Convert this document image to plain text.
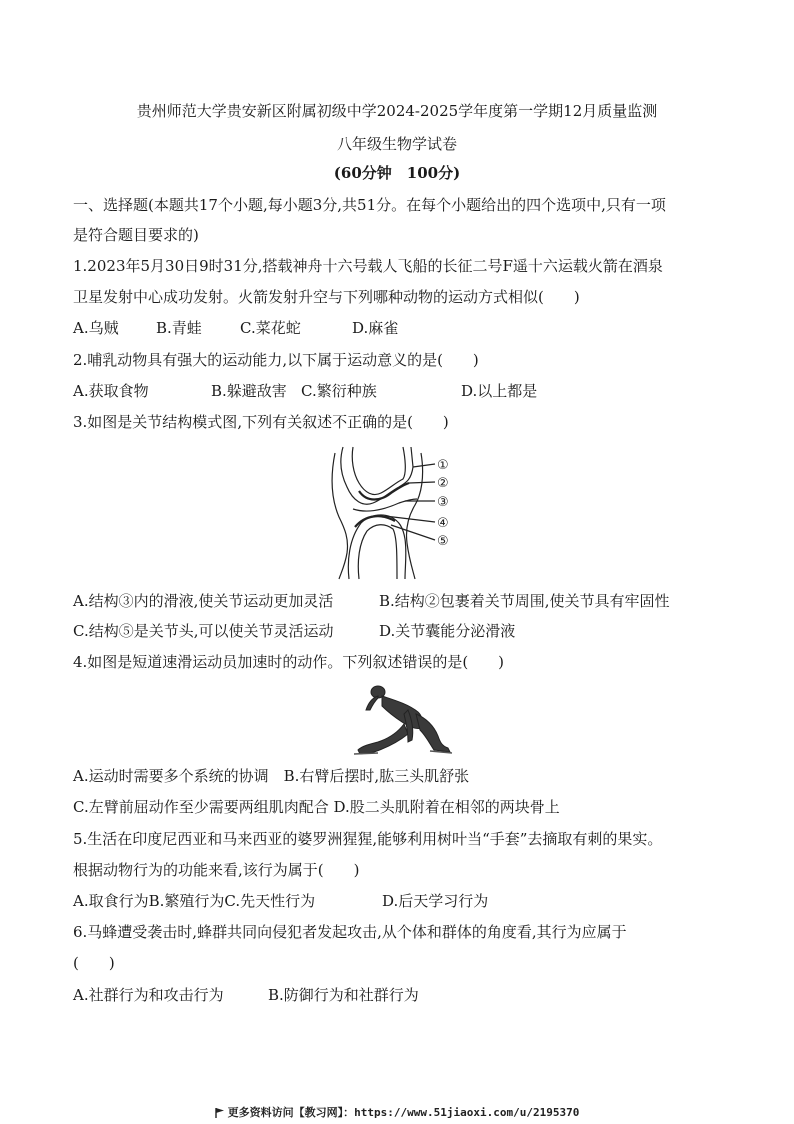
贵州师范大学贵安新区附属初级中学2024-2025学年度第一学期12月质量监测
八年级生物学试卷
(60分钟　100分)
一、选择题(本题共17个小题,每小题3分,共51分。在每个小题给出的四个选项中,只有一项
是符合题目要求的)
1.2023年5月30日9时31分,搭载神舟十六号载人飞船的长征二号F遥十六运载火箭在酒泉
卫星发射中心成功发射。火箭发射升空与下列哪种动物的运动方式相似(　　)
A.乌贼 B.青蛙	C.菜花蛇	D.麻雀
2.哺乳动物具有强大的运动能力,以下属于运动意义的是(　　)
A.获取食物	B.躲避敌害 C.繁衍种族	D.以上都是
3.如图是关节结构模式图,下列有关叙述不正确的是(　　)
①
②
③
④
⑤
A.结构③内的滑液,使关节运动更加灵活	B.结构②包裹着关节周围,使关节具有牢固性
C.结构⑤是关节头,可以使关节灵活运动	D.关节囊能分泌滑液
4.如图是短道速滑运动员加速时的动作。下列叙述错误的是(　　)
A.运动时需要多个系统的协调　B.右臂后摆时,肱三头肌舒张
C.左臂前屈动作至少需要两组肌肉配合 D.股二头肌附着在相邻的两块骨上
5.生活在印度尼西亚和马来西亚的婆罗洲猩猩,能够利用树叶当“手套”去摘取有刺的果实。
根据动物行为的功能来看,该行为属于(　　)
A.取食行为B.繁殖行为C.先天性行为	D.后天学习行为
6.马蜂遭受袭击时,蜂群共同向侵犯者发起攻击,从个体和群体的角度看,其行为应属于
(　　)
A.社群行为和攻击行为	B.防御行为和社群行为
更多资料访问【教习网】：https://www.51jiaoxi.com/u/2195370
